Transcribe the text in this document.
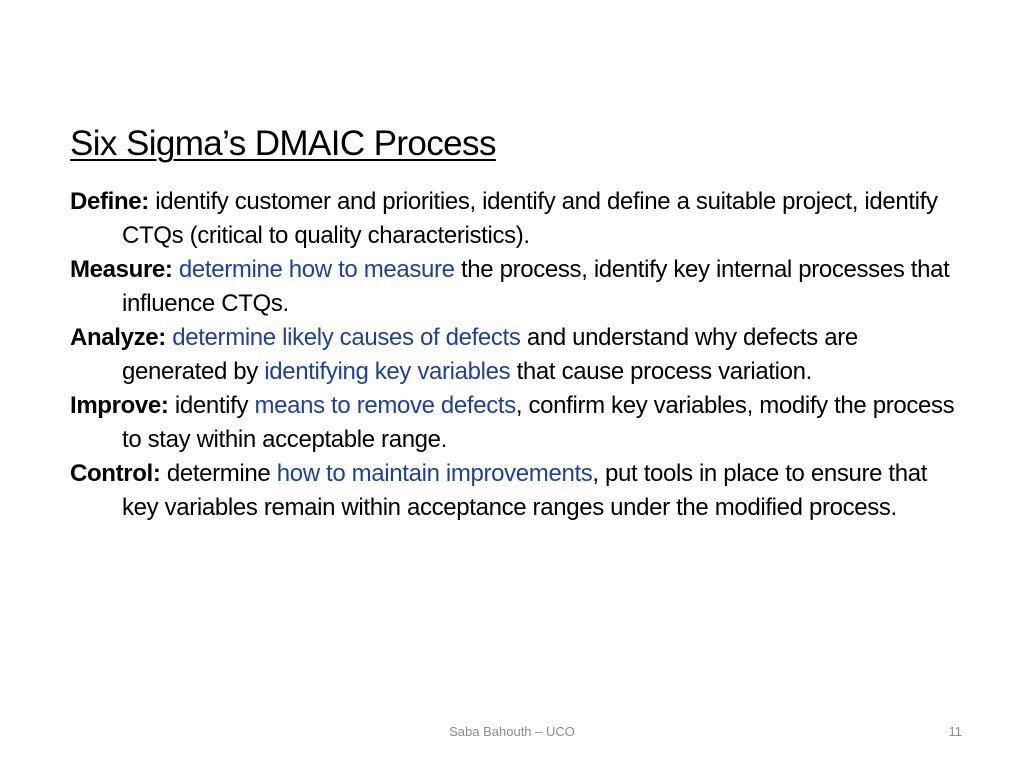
Six Sigma’s DMAIC Process

Define: identify customer and priorities, identify and define a suitable project, identify CTQs (critical to quality characteristics).

Measure: determine how to measure the process, identify key internal processes that influence CTQs.

Analyze: determine likely causes of defects and understand why defects are generated by identifying key variables that cause process variation.

Improve: identify means to remove defects, confirm key variables, modify the process to stay within acceptable range.

Control: determine how to maintain improvements, put tools in place to ensure that key variables remain within acceptance ranges under the modified process.

Saba Bahouth – UCO	11
